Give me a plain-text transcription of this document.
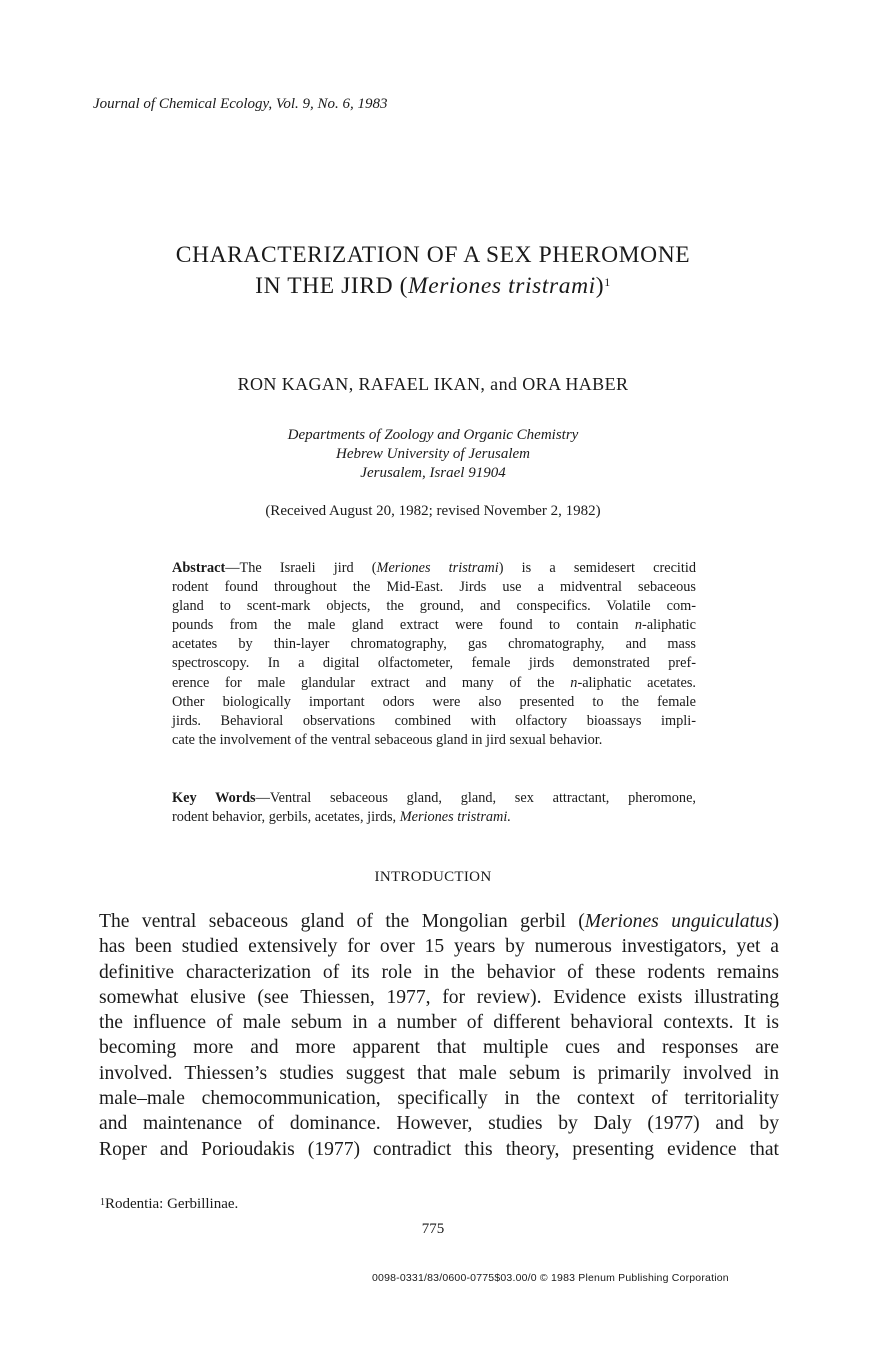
Journal of Chemical Ecology, Vol. 9, No. 6, 1983
CHARACTERIZATION OF A SEX PHEROMONE
IN THE JIRD (Meriones tristrami)$^1$
RON KAGAN, RAFAEL IKAN, and ORA HABER
Departments of Zoology and Organic Chemistry
Hebrew University of Jerusalem
Jerusalem, Israel 91904
(Received August 20, 1982; revised November 2, 1982)
Abstract—The Israeli jird (Meriones tristrami) is a semidesert crecitid
rodent found throughout the Mid-East. Jirds use a midventral sebaceous
gland to scent-mark objects, the ground, and conspecifics. Volatile com-
pounds from the male gland extract were found to contain n-aliphatic
acetates by thin-layer chromatography, gas chromatography, and mass
spectroscopy. In a digital olfactometer, female jirds demonstrated pref-
erence for male glandular extract and many of the n-aliphatic acetates.
Other biologically important odors were also presented to the female
jirds. Behavioral observations combined with olfactory bioassays impli-
cate the involvement of the ventral sebaceous gland in jird sexual behavior.
Key Words—Ventral sebaceous gland, gland, sex attractant, pheromone,
rodent behavior, gerbils, acetates, jirds, Meriones tristrami.
INTRODUCTION
The ventral sebaceous gland of the Mongolian gerbil (Meriones unguiculatus)
has been studied extensively for over 15 years by numerous investigators, yet a
definitive characterization of its role in the behavior of these rodents remains
somewhat elusive (see Thiessen, 1977, for review). Evidence exists illustrating
the influence of male sebum in a number of different behavioral contexts. It is
becoming more and more apparent that multiple cues and responses are
involved. Thiessen’s studies suggest that male sebum is primarily involved in
male–male chemocommunication, specifically in the context of territoriality
and maintenance of dominance. However, studies by Daly (1977) and by
Roper and Porioudakis (1977) contradict this theory, presenting evidence that
$^1$Rodentia: Gerbillinae.
775
0098-0331/83/0600-0775$03.00/0 © 1983 Plenum Publishing Corporation
